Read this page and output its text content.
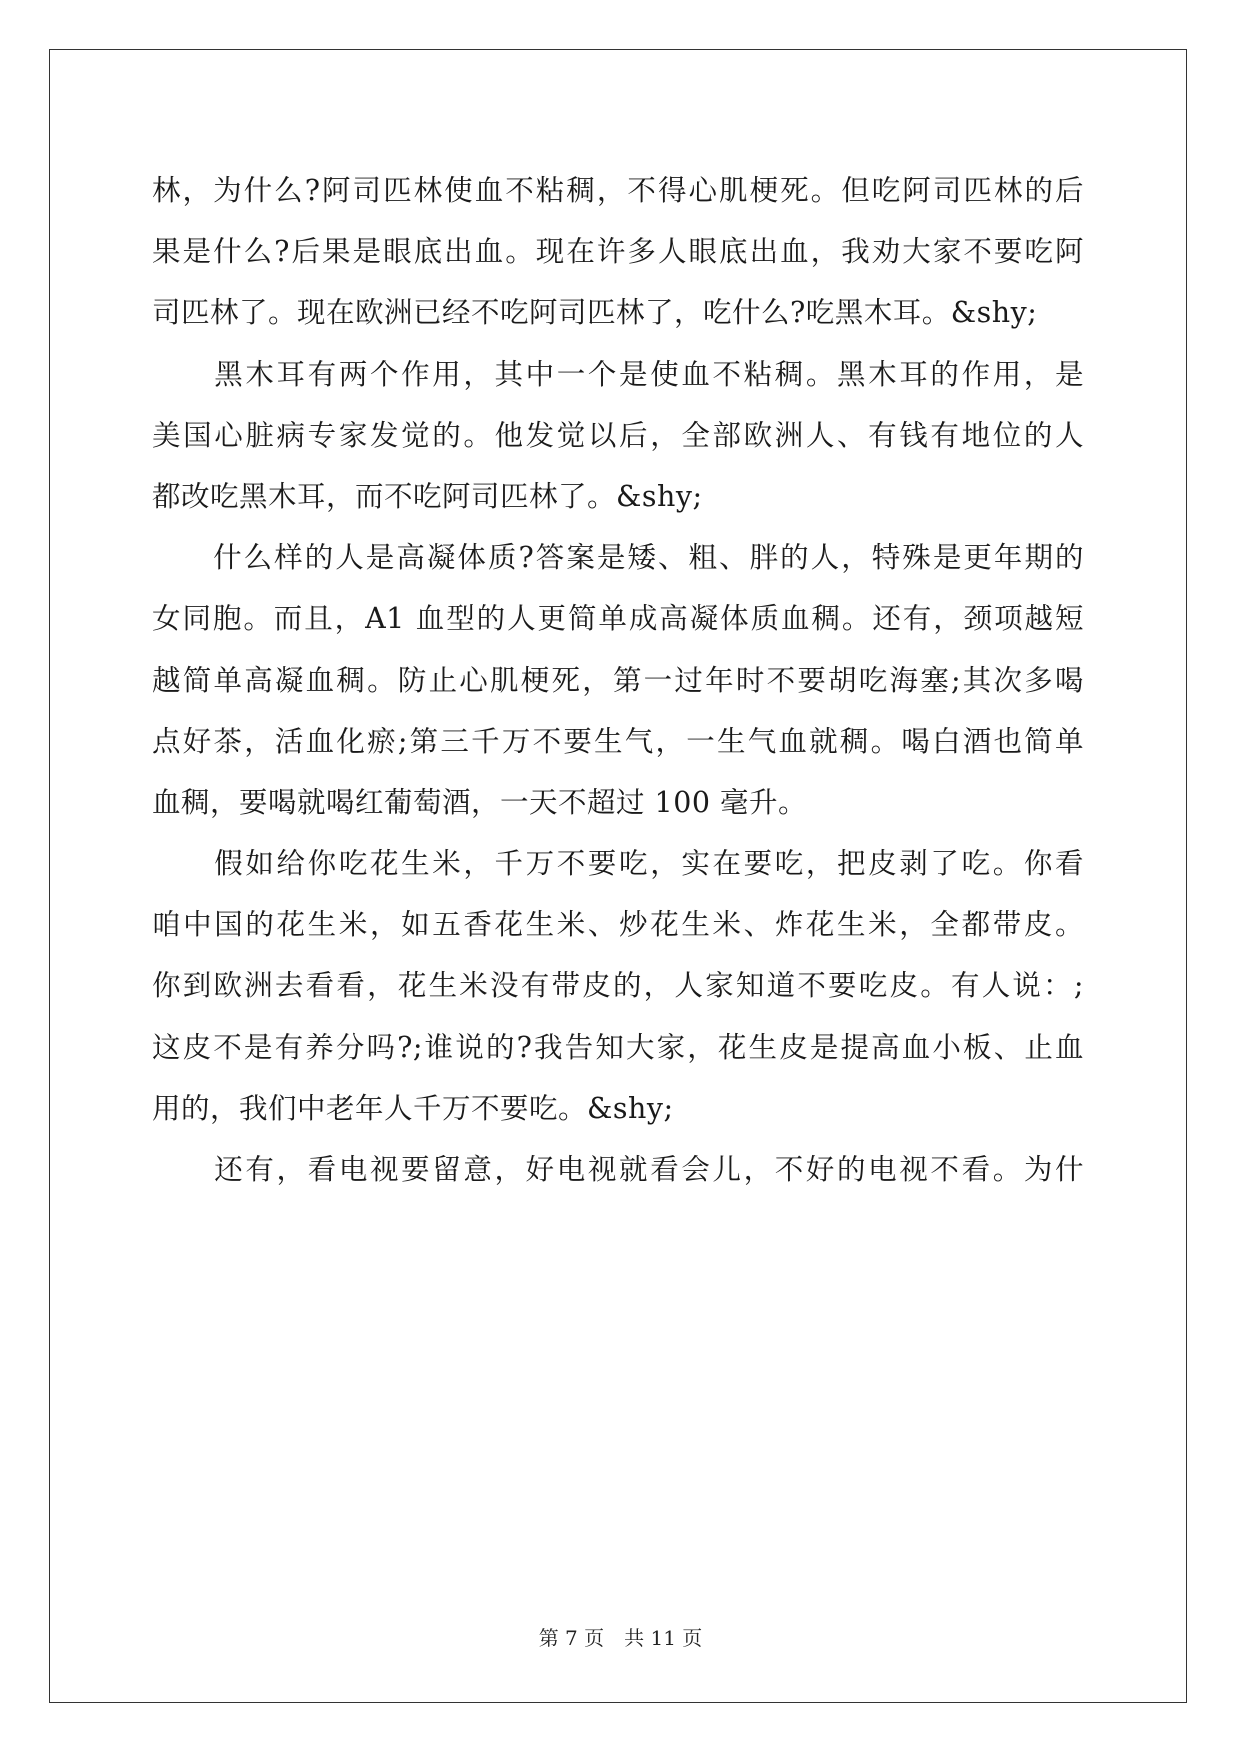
林，为什么?阿司匹林使血不粘稠，不得心肌梗死。但吃阿司匹林的后
果是什么?后果是眼底出血。现在许多人眼底出血，我劝大家不要吃阿
司匹林了。现在欧洲已经不吃阿司匹林了，吃什么?吃黑木耳。&shy;
　　黑木耳有两个作用，其中一个是使血不粘稠。黑木耳的作用，是
美国心脏病专家发觉的。他发觉以后，全部欧洲人、有钱有地位的人
都改吃黑木耳，而不吃阿司匹林了。&shy;
　　什么样的人是高凝体质?答案是矮、粗、胖的人，特殊是更年期的
女同胞。而且，A1 血型的人更简单成高凝体质血稠。还有，颈项越短
越简单高凝血稠。防止心肌梗死，第一过年时不要胡吃海塞;其次多喝
点好茶，活血化瘀;第三千万不要生气，一生气血就稠。喝白酒也简单
血稠，要喝就喝红葡萄酒，一天不超过 100 毫升。
　　假如给你吃花生米，千万不要吃，实在要吃，把皮剥了吃。你看
咱中国的花生米，如五香花生米、炒花生米、炸花生米，全都带皮。
你到欧洲去看看，花生米没有带皮的，人家知道不要吃皮。有人说：;
这皮不是有养分吗?;谁说的?我告知大家，花生皮是提高血小板、止血
用的，我们中老年人千万不要吃。&shy;
　　还有，看电视要留意，好电视就看会儿，不好的电视不看。为什
第 7 页　共 11 页
